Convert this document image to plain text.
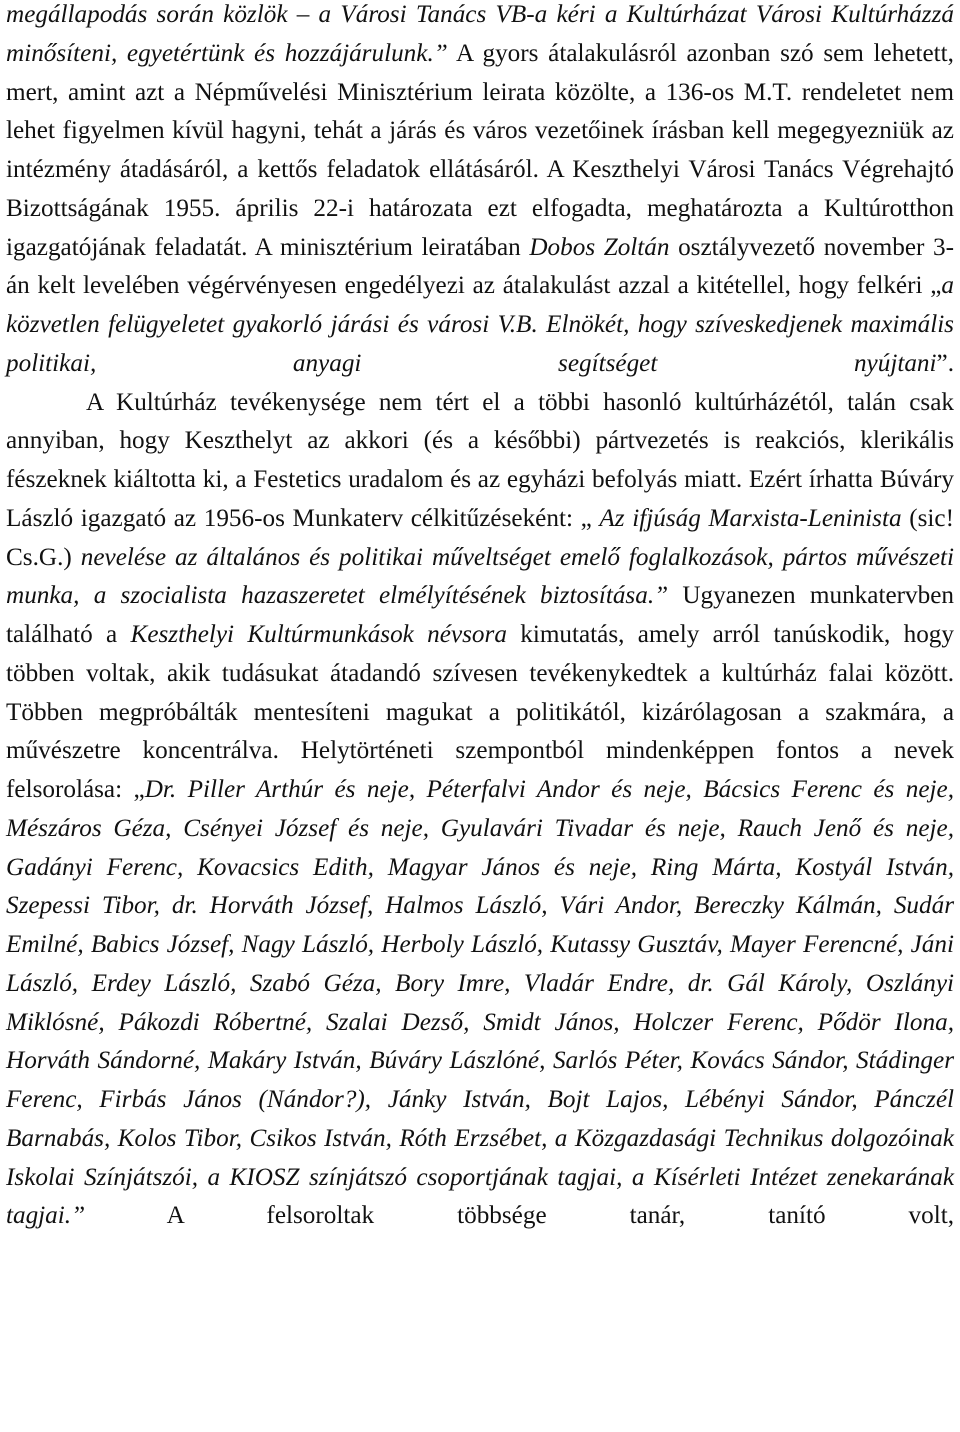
megállapodás során közlök – a Városi Tanács VB-a kéri a Kultúrházat Városi Kultúrházzá minősíteni, egyetértünk és hozzájárulunk.” A gyors átalakulásról azonban szó sem lehetett, mert, amint azt a Népművelési Minisztérium leirata közölte, a 136-os M.T. rendeletet nem lehet figyelmen kívül hagyni, tehát a járás és város vezetőinek írásban kell megegyezniük az intézmény átadásáról, a kettős feladatok ellátásáról. A Keszthelyi Városi Tanács Végrehajtó Bizottságának 1955. április 22-i határozata ezt elfogadta, meghatározta a Kultúrotthon igazgatójának feladatát. A minisztérium leiratában Dobos Zoltán osztályvezető november 3-án kelt levelében végérvényesen engedélyezi az átalakulást azzal a kitétellel, hogy felkéri „a közvetlen felügyeletet gyakorló járási és városi V.B. Elnökét, hogy szíveskedjenek maximális politikai, anyagi segítséget nyújtani”.

A Kultúrház tevékenysége nem tért el a többi hasonló kultúrházétól, talán csak annyiban, hogy Keszthelyt az akkori (és a későbbi) pártvezetés is reakciós, klerikális fészeknek kiáltotta ki, a Festetics uradalom és az egyházi befolyás miatt. Ezért írhatta Búváry László igazgató az 1956-os Munkaterv célkitűzéseként: „ Az ifjúság Marxista-Leninista (sic! Cs.G.) nevelése az általános és politikai műveltséget emelő foglalkozások, pártos művészeti munka, a szocialista hazaszeretet elmélyítésének biztosítása.” Ugyanezen munkatervben található a Keszthelyi Kultúrmunkások névsora kimutatás, amely arról tanúskodik, hogy többen voltak, akik tudásukat átadandó szívesen tevékenykedtek a kultúrház falai között. Többen megpróbálták mentesíteni magukat a politikától, kizárólagosan a szakmára, a művészetre koncentrálva. Helytörténeti szempontból mindenképpen fontos a nevek felsorolása: „Dr. Piller Arthúr és neje, Péterfalvi Andor és neje, Bácsics Ferenc és neje, Mészáros Géza, Csényei József és neje, Gyulavári Tivadar és neje, Rauch Jenő és neje, Gadányi Ferenc, Kovacsics Edith, Magyar János és neje, Ring Márta, Kostyál István, Szepessi Tibor, dr. Horváth József, Halmos László, Vári Andor, Bereczky Kálmán, Sudár Emilné, Babics József, Nagy László, Herboly László, Kutassy Gusztáv, Mayer Ferencné, Jáni László, Erdey László, Szabó Géza, Bory Imre, Vladár Endre, dr. Gál Károly, Oszlányi Miklósné, Pákozdi Róbertné, Szalai Dezső, Smidt János, Holczer Ferenc, Pődör Ilona, Horváth Sándorné, Makáry István, Búváry Lászlóné, Sarlós Péter, Kovács Sándor, Stádinger Ferenc, Firbás János (Nándor?), Jánky István, Bojt Lajos, Lébényi Sándor, Pánczél Barnabás, Kolos Tibor, Csikos István, Róth Erzsébet, a Közgazdasági Technikus dolgozóinak Iskolai Színjátszói, a KIOSZ színjátszó csoportjának tagjai, a Kísérleti Intézet zenekarának tagjai.” A felsoroltak többsége tanár, tanító volt,
